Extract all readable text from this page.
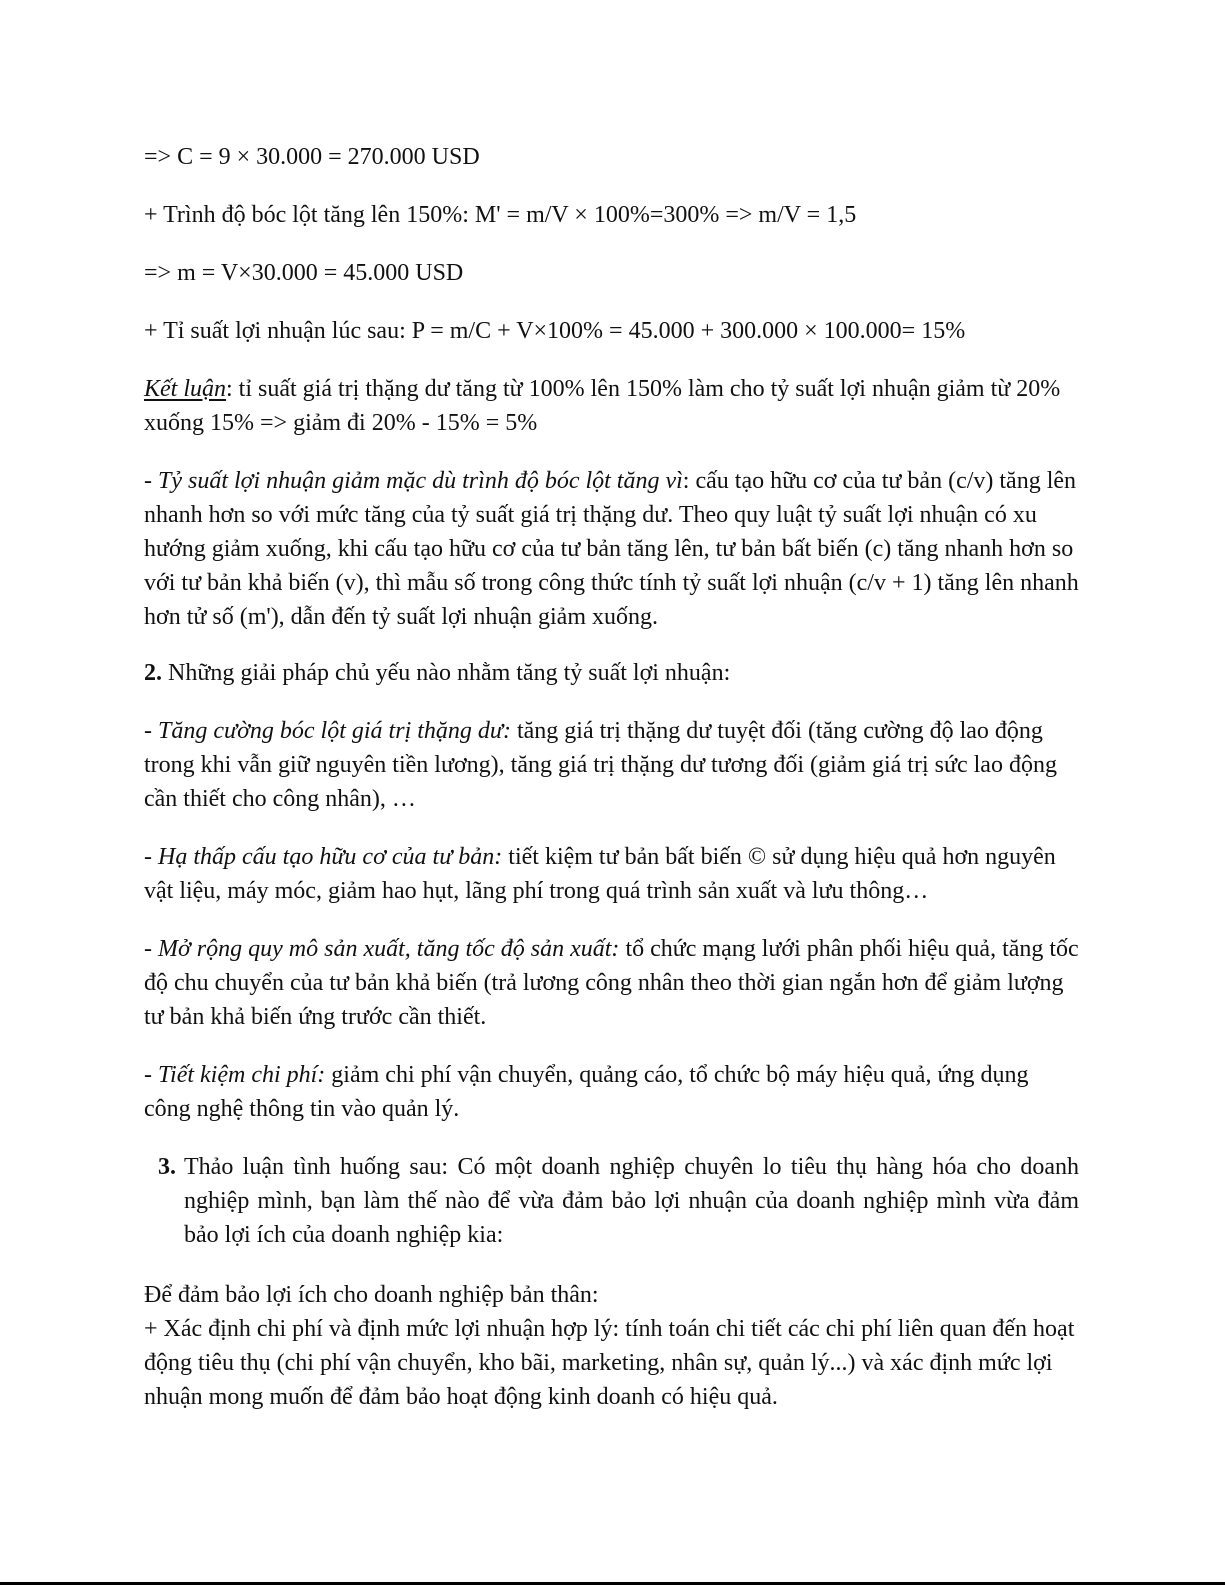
=> C = 9 × 30.000 = 270.000 USD

+ Trình độ bóc lột tăng lên 150%: M' = m/V × 100%=300% => m/V = 1,5

=> m = V×30.000 = 45.000 USD

+ Tỉ suất lợi nhuận lúc sau: P = m/C + V×100% = 45.000 + 300.000 × 100.000= 15%

Kết luận: tỉ suất giá trị thặng dư tăng từ 100% lên 150% làm cho tỷ suất lợi nhuận giảm từ 20% xuống 15% => giảm đi 20% - 15% = 5%

- Tỷ suất lợi nhuận giảm mặc dù trình độ bóc lột tăng vì: cấu tạo hữu cơ của tư bản (c/v) tăng lên nhanh hơn so với mức tăng của tỷ suất giá trị thặng dư. Theo quy luật tỷ suất lợi nhuận có xu hướng giảm xuống, khi cấu tạo hữu cơ của tư bản tăng lên, tư bản bất biến (c) tăng nhanh hơn so với tư bản khả biến (v), thì mẫu số trong công thức tính tỷ suất lợi nhuận (c/v + 1) tăng lên nhanh hơn tử số (m'), dẫn đến tỷ suất lợi nhuận giảm xuống.

2. Những giải pháp chủ yếu nào nhằm tăng tỷ suất lợi nhuận:

- Tăng cường bóc lột giá trị thặng dư: tăng giá trị thặng dư tuyệt đối (tăng cường độ lao động trong khi vẫn giữ nguyên tiền lương), tăng giá trị thặng dư tương đối (giảm giá trị sức lao động cần thiết cho công nhân), …

- Hạ thấp cấu tạo hữu cơ của tư bản: tiết kiệm tư bản bất biến © sử dụng hiệu quả hơn nguyên vật liệu, máy móc, giảm hao hụt, lãng phí trong quá trình sản xuất và lưu thông…

- Mở rộng quy mô sản xuất, tăng tốc độ sản xuất: tổ chức mạng lưới phân phối hiệu quả, tăng tốc độ chu chuyển của tư bản khả biến (trả lương công nhân theo thời gian ngắn hơn để giảm lượng tư bản khả biến ứng trước cần thiết.

- Tiết kiệm chi phí: giảm chi phí vận chuyển, quảng cáo, tổ chức bộ máy hiệu quả, ứng dụng công nghệ thông tin vào quản lý.

3. Thảo luận tình huống sau: Có một doanh nghiệp chuyên lo tiêu thụ hàng hóa cho doanh nghiệp mình, bạn làm thế nào để vừa đảm bảo lợi nhuận của doanh nghiệp mình vừa đảm bảo lợi ích của doanh nghiệp kia:

Để đảm bảo lợi ích cho doanh nghiệp bản thân:

+ Xác định chi phí và định mức lợi nhuận hợp lý: tính toán chi tiết các chi phí liên quan đến hoạt động tiêu thụ (chi phí vận chuyển, kho bãi, marketing, nhân sự, quản lý...) và xác định mức lợi nhuận mong muốn để đảm bảo hoạt động kinh doanh có hiệu quả.
